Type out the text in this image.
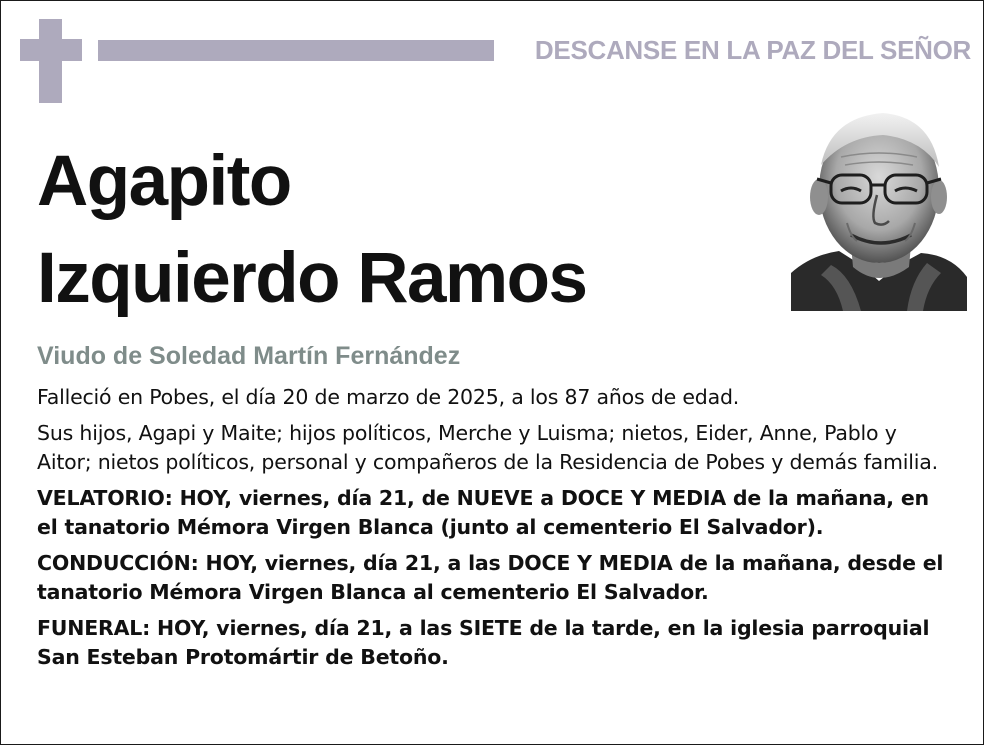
DESCANSE EN LA PAZ DEL SEÑOR
Agapito
Izquierdo Ramos
Viudo de Soledad Martín Fernández

Falleció en Pobes, el día 20 de marzo de 2025, a los 87 años de edad.

Sus hijos, Agapi y Maite; hijos políticos, Merche y Luisma; nietos, Eider, Anne, Pablo y Aitor; nietos políticos, personal y compañeros de la Residencia de Pobes y demás familia.

VELATORIO: HOY, viernes, día 21, de NUEVE a DOCE Y MEDIA de la mañana, en el tanatorio Mémora Virgen Blanca (junto al cementerio El Salvador).

CONDUCCIÓN: HOY, viernes, día 21, a las DOCE Y MEDIA de la mañana, desde el tanatorio Mémora Virgen Blanca al cementerio El Salvador.

FUNERAL: HOY, viernes, día 21, a las SIETE de la tarde, en la iglesia parroquial San Esteban Protomártir de Betoño.
